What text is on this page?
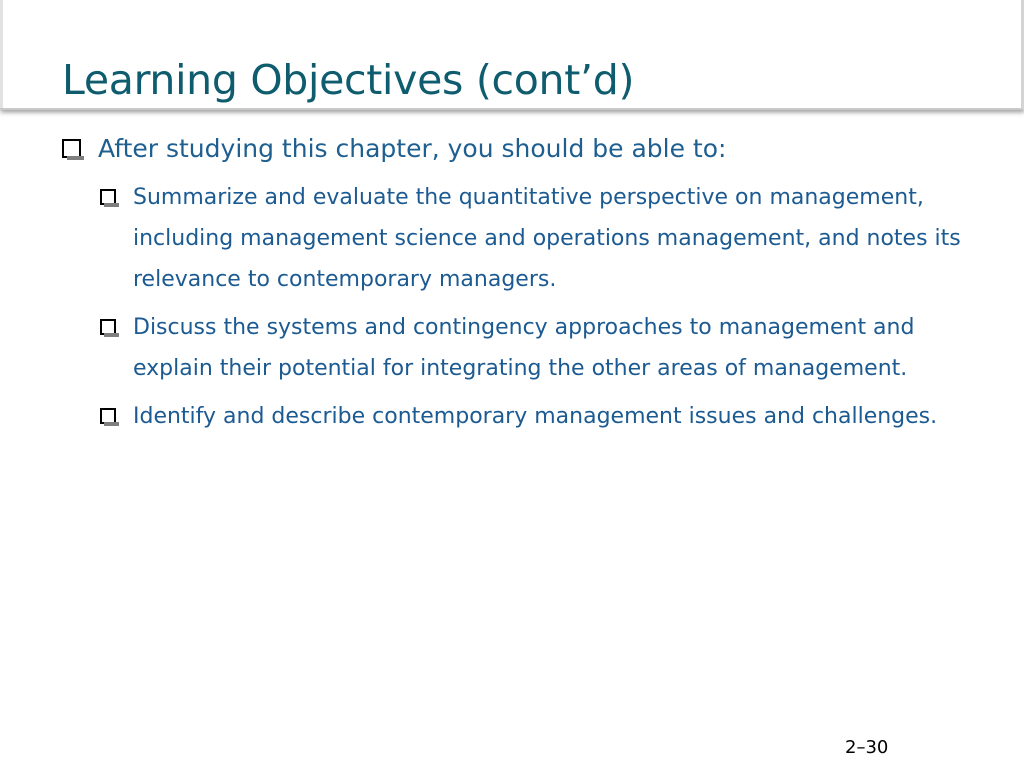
Learning Objectives (cont’d)
After studying this chapter, you should be able to:
Summarize and evaluate the quantitative perspective on management, including management science and operations management, and notes its relevance to contemporary managers.
Discuss the systems and contingency approaches to management and explain their potential for integrating the other areas of management.
Identify and describe contemporary management issues and challenges.
2–30
